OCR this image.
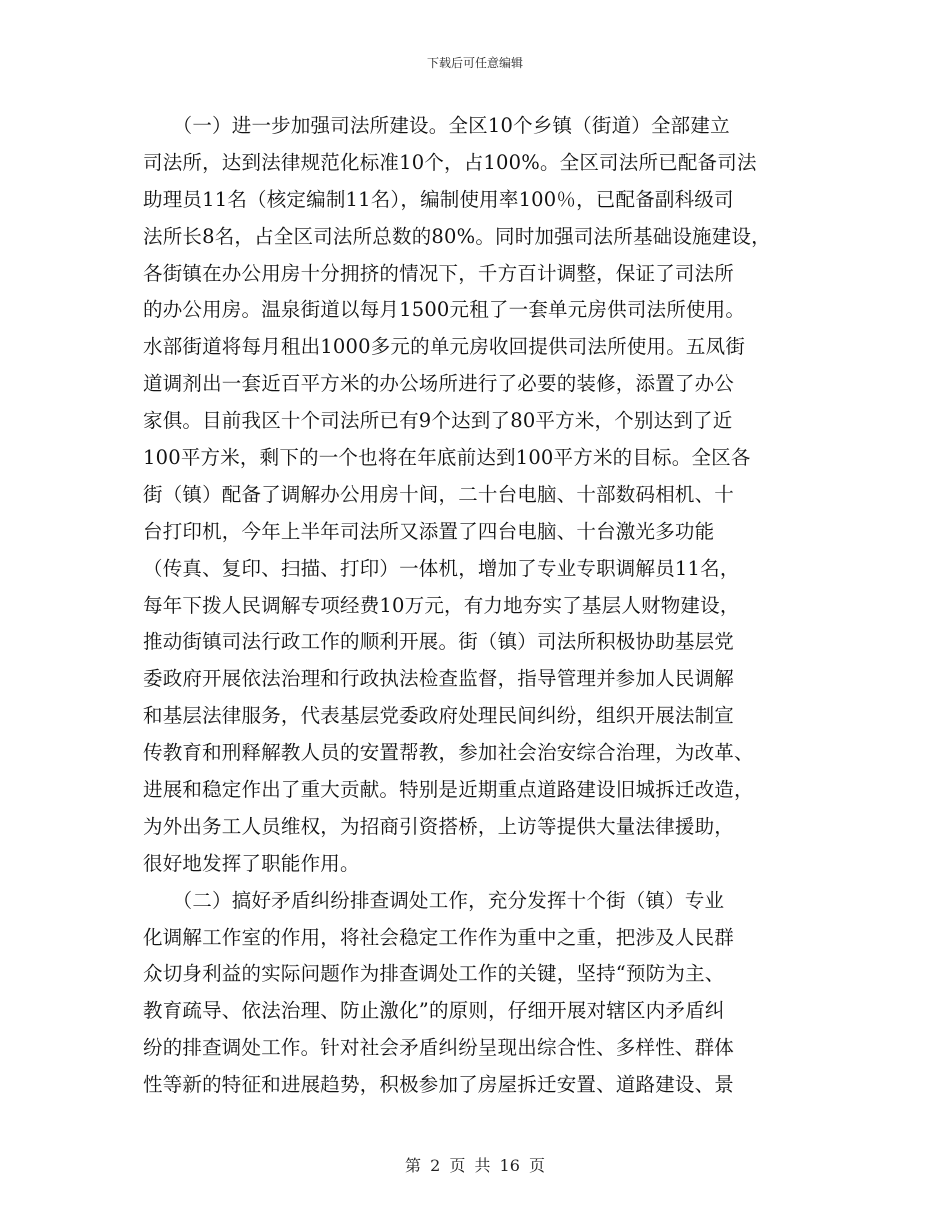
下载后可任意编辑
　　（一）进一步加强司法所建设。全区10个乡镇（街道）全部建立
司法所，达到法律规范化标准10个，占100%。全区司法所已配备司法
助理员11名（核定编制11名），编制使用率100％，已配备副科级司
法所长8名，占全区司法所总数的80%。同时加强司法所基础设施建设，
各街镇在办公用房十分拥挤的情况下，千方百计调整，保证了司法所
的办公用房。温泉街道以每月1500元租了一套单元房供司法所使用。
水部街道将每月租出1000多元的单元房收回提供司法所使用。五凤街
道调剂出一套近百平方米的办公场所进行了必要的装修，添置了办公
家俱。目前我区十个司法所已有9个达到了80平方米，个别达到了近
100平方米，剩下的一个也将在年底前达到100平方米的目标。全区各
街（镇）配备了调解办公用房十间，二十台电脑、十部数码相机、十
台打印机，今年上半年司法所又添置了四台电脑、十台激光多功能
（传真、复印、扫描、打印）一体机，增加了专业专职调解员11名，
每年下拨人民调解专项经费10万元，有力地夯实了基层人财物建设，
推动街镇司法行政工作的顺利开展。街（镇）司法所积极协助基层党
委政府开展依法治理和行政执法检查监督，指导管理并参加人民调解
和基层法律服务，代表基层党委政府处理民间纠纷，组织开展法制宣
传教育和刑释解教人员的安置帮教，参加社会治安综合治理，为改革、
进展和稳定作出了重大贡献。特别是近期重点道路建设旧城拆迁改造，
为外出务工人员维权，为招商引资搭桥，上访等提供大量法律援助，
很好地发挥了职能作用。
　　（二）搞好矛盾纠纷排查调处工作，充分发挥十个街（镇）专业
化调解工作室的作用，将社会稳定工作作为重中之重，把涉及人民群
众切身利益的实际问题作为排查调处工作的关键，坚持“预防为主、
教育疏导、依法治理、防止激化”的原则，仔细开展对辖区内矛盾纠
纷的排查调处工作。针对社会矛盾纠纷呈现出综合性、多样性、群体
性等新的特征和进展趋势，积极参加了房屋拆迁安置、道路建设、景
第 2 页 共 16 页
